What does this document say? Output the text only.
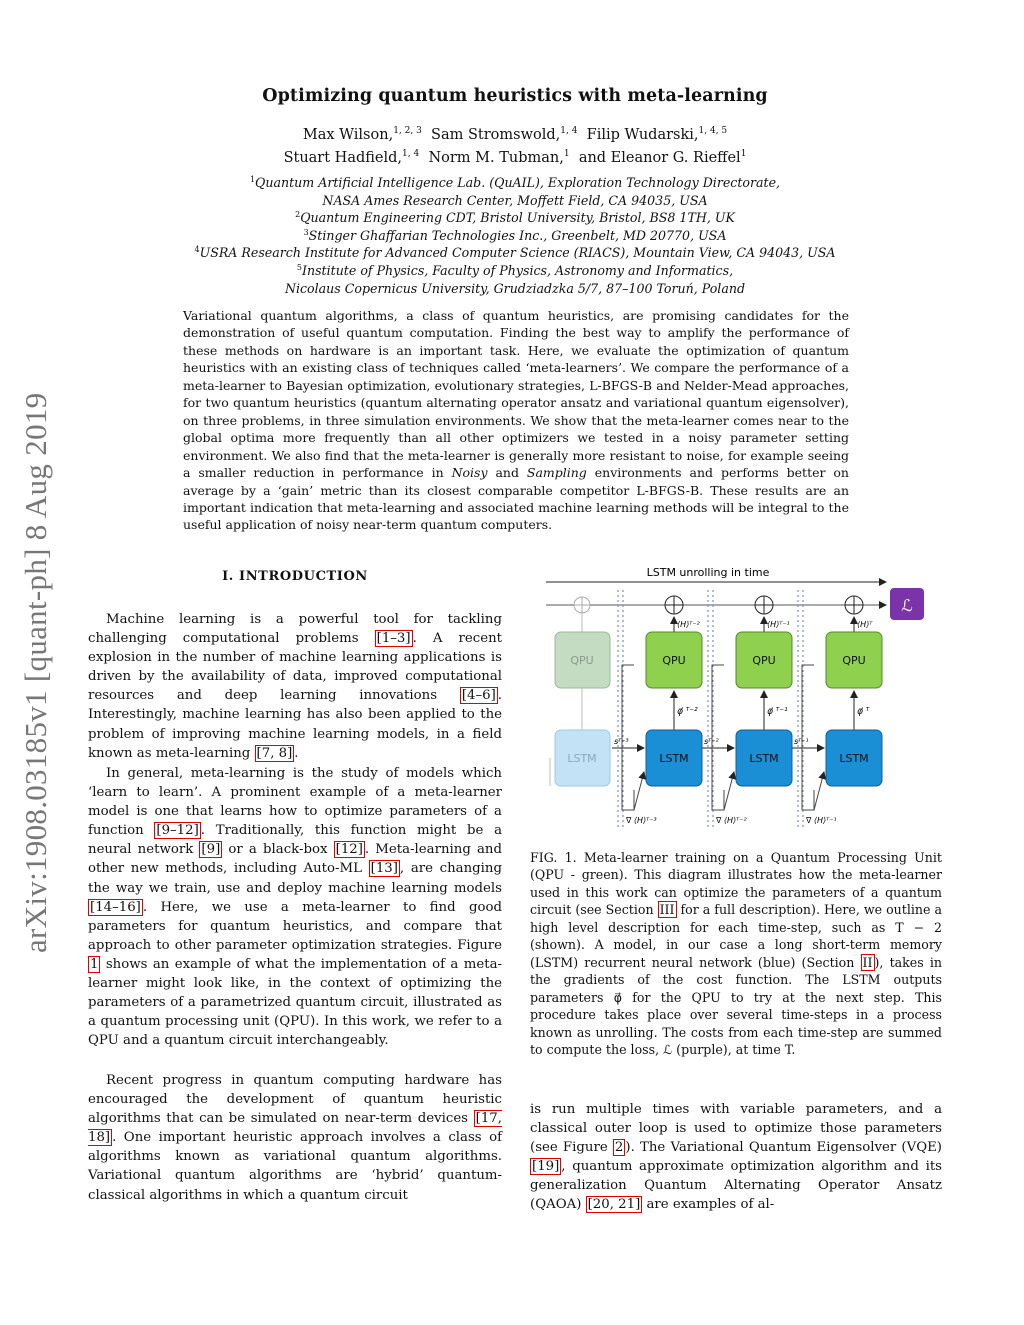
Optimizing quantum heuristics with meta-learning
Max Wilson,$^{1, 2, 3}$ Sam Stromswold,$^{1, 4}$ Filip Wudarski,$^{1, 4, 5}$
Stuart Hadfield,$^{1, 4}$ Norm M. Tubman,$^1$ and Eleanor G. Rieffel$^1$
$^1$Quantum Artificial Intelligence Lab. (QuAIL), Exploration Technology Directorate,
NASA Ames Research Center, Moffett Field, CA 94035, USA
$^2$Quantum Engineering CDT, Bristol University, Bristol, BS8 1TH, UK
$^3$Stinger Ghaffarian Technologies Inc., Greenbelt, MD 20770, USA
$^4$USRA Research Institute for Advanced Computer Science (RIACS), Mountain View, CA 94043, USA
$^5$Institute of Physics, Faculty of Physics, Astronomy and Informatics,
Nicolaus Copernicus University, Grudziadzka 5/7, 87–100 Toruń, Poland
arXiv:1908.03185v1 [quant-ph] 8 Aug 2019
Variational quantum algorithms, a class of quantum heuristics, are promising candidates for the demonstration of useful quantum computation. Finding the best way to amplify the performance of these methods on hardware is an important task. Here, we evaluate the optimization of quantum heuristics with an existing class of techniques called ‘meta-learners’. We compare the performance of a meta-learner to Bayesian optimization, evolutionary strategies, L-BFGS-B and Nelder-Mead approaches, for two quantum heuristics (quantum alternating operator ansatz and variational quantum eigensolver), on three problems, in three simulation environments. We show that the meta-learner comes near to the global optima more frequently than all other optimizers we tested in a noisy parameter setting environment. We also find that the meta-learner is generally more resistant to noise, for example seeing a smaller reduction in performance in Noisy and Sampling environments and performs better on average by a ‘gain’ metric than its closest comparable competitor L-BFGS-B. These results are an important indication that meta-learning and associated machine learning methods will be integral to the useful application of noisy near-term quantum computers.
I. INTRODUCTION

Machine learning is a powerful tool for tackling challenging computational problems [1–3] . A recent explosion in the number of machine learning applications is driven by the availability of data, improved computational resources and deep learning innovations [4–6] . Interestingly, machine learning has also been applied to the problem of improving machine learning models, in a field known as meta-learning [7, 8] .

In general, meta-learning is the study of models which ‘learn to learn’. A prominent example of a meta-learner model is one that learns how to optimize parameters of a function [9–12] . Traditionally, this function might be a neural network [9] or a black-box [12] . Meta-learning and other new methods, including Auto-ML [13] , are changing the way we train, use and deploy machine learning models [14–16] . Here, we use a meta-learner to find good parameters for quantum heuristics, and compare that approach to other parameter optimization strategies. Figure 1 shows an example of what the implementation of a meta-learner might look like, in the context of optimizing the parameters of a parametrized quantum circuit, illustrated as a quantum processing unit (QPU). In this work, we refer to a QPU and a quantum circuit interchangeably.

Recent progress in quantum computing hardware has encouraged the development of quantum heuristic algorithms that can be simulated on near-term devices [17, 18] . One important heuristic approach involves a class of algorithms known as variational quantum algorithms. Variational quantum algorithms are ‘hybrid’ quantum-classical algorithms in which a quantum circuit

LSTM unrolling in time
ℒ
QPU
LSTM
⟨H⟩ᵀ⁻²
QPU
φ⃗ ᵀ⁻²
LSTM
sᵀ⁻³
∇ ⟨H⟩ᵀ⁻³
⟨H⟩ᵀ⁻¹
QPU
φ⃗ ᵀ⁻¹
LSTM
sᵀ⁻²
∇ ⟨H⟩ᵀ⁻²
⟨H⟩ᵀ
QPU
φ⃗ ᵀ
LSTM
sᵀ⁻¹
∇ ⟨H⟩ᵀ⁻¹
FIG. 1. Meta-learner training on a Quantum Processing Unit (QPU - green). This diagram illustrates how the meta-learner used in this work can optimize the parameters of a quantum circuit (see Section III for a full description). Here, we outline a high level description for each time-step, such as T − 2 (shown). A model, in our case a long short-term memory (LSTM) recurrent neural network (blue) (Section II ), takes in the gradients of the cost function. The LSTM outputs parameters φ⃗ for the QPU to try at the next step. This procedure takes place over several time-steps in a process known as unrolling. The costs from each time-step are summed to compute the loss, ℒ (purple), at time T.
is run multiple times with variable parameters, and a classical outer loop is used to optimize those parameters (see Figure 2 ). The Variational Quantum Eigensolver (VQE) [19] , quantum approximate optimization algorithm and its generalization Quantum Alternating Operator Ansatz (QAOA) [20, 21] are examples of al-
